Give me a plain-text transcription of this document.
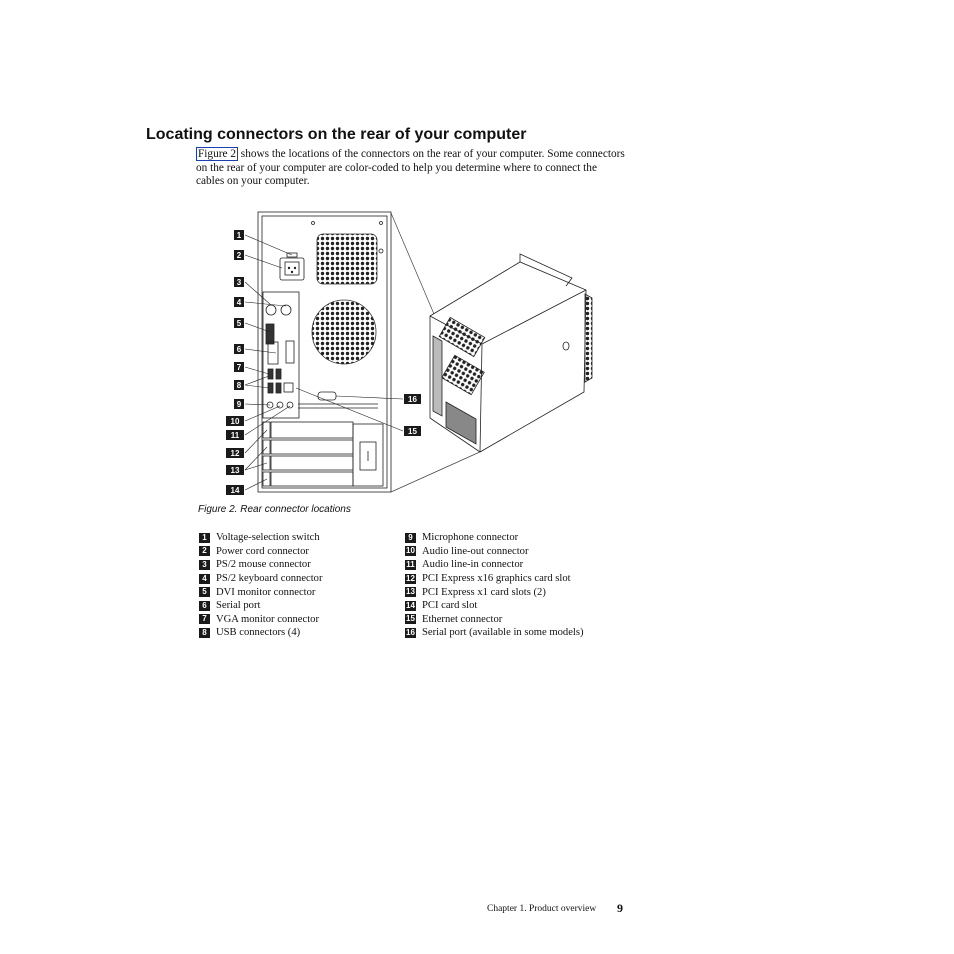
Locating connectors on the rear of your computer

Figure 2 shows the locations of the connectors on the rear of your computer. Some connectors on the rear of your computer are color-coded to help you determine where to connect the cables on your computer.

1
2
3
4
5
6
7
8
9
10
11
12
13
14
16
15
Figure 2. Rear connector locations
1 Voltage-selection switch
2 Power cord connector
3 PS/2 mouse connector
4 PS/2 keyboard connector
5 DVI monitor connector
6 Serial port
7 VGA monitor connector
8 USB connectors (4)
9 Microphone connector
10 Audio line-out connector
11 Audio line-in connector
12 PCI Express x16 graphics card slot
13 PCI Express x1 card slots (2)
14 PCI card slot
15 Ethernet connector
16 Serial port (available in some models)
Chapter 1. Product overview 9
